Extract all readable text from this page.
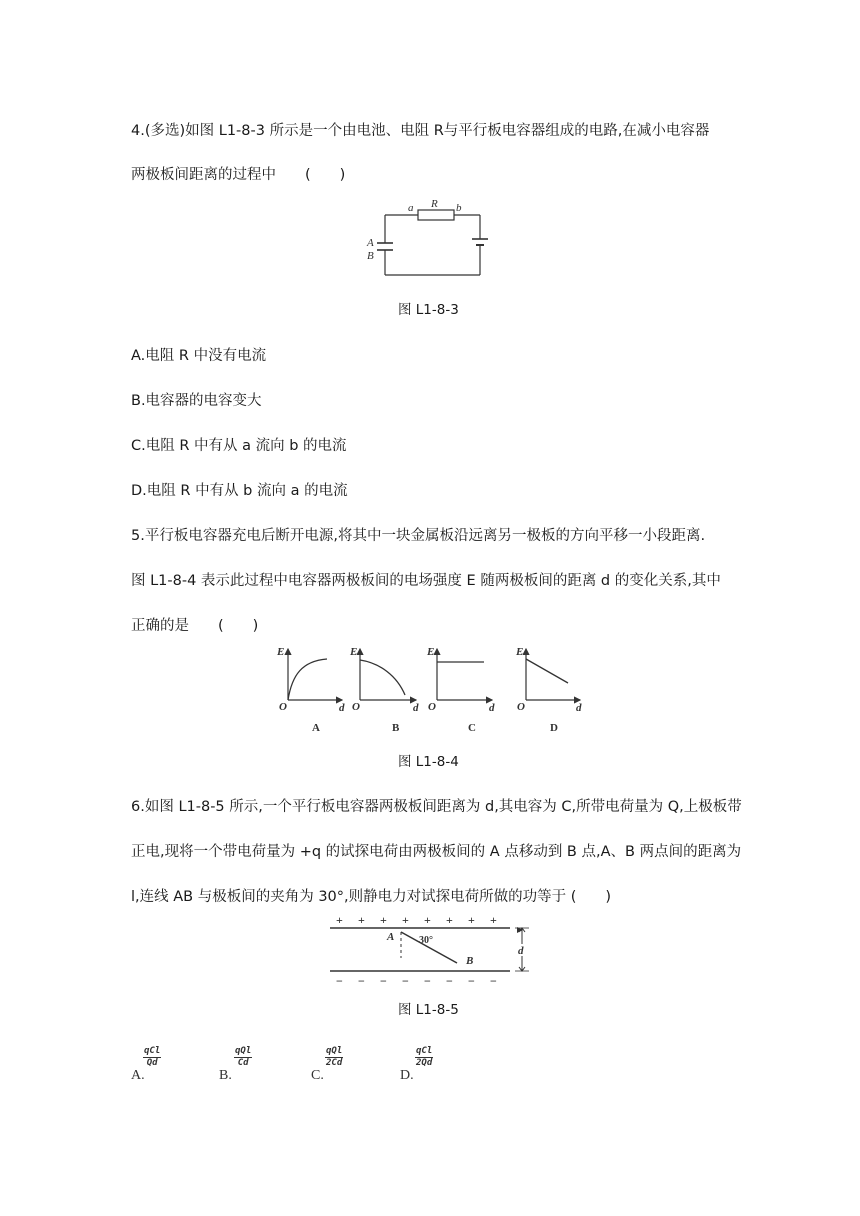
4.(多选)如图 L1-8-3 所示是一个由电池、电阻 R与平行板电容器组成的电路,在减小电容器
两极板间距离的过程中　　(　　)
a R b
A
B
图 L1-8-3
A.电阻 R 中没有电流
B.电容器的电容变大
C.电阻 R 中有从 a 流向 b 的电流
D.电阻 R 中有从 b 流向 a 的电流
5.平行板电容器充电后断开电源,将其中一块金属板沿远离另一极板的方向平移一小段距离.
图 L1-8-4 表示此过程中电容器两极板间的电场强度 E 随两极板间的距离 d 的变化关系,其中
正确的是　　(　　)
E
d
O
E
d
O
E
d
O
E
d
O
A	B	C	D
图 L1-8-4
6.如图 L1-8-5 所示,一个平行板电容器两极板间距离为 d,其电容为 C,所带电荷量为 Q,上极板带
正电,现将一个带电荷量为 +q 的试探电荷由两极板间的 A 点移动到 B 点,A、B 两点间的距离为
l,连线 AB 与极板间的夹角为 30°,则静电力对试探电荷所做的功等于 (　　)
+ + + + + + + +
− − − − − − − −
A
B
d
30°
图 L1-8-5
A.
qCl
Qd
B.
qQl
Cd
C.
qQl
2Cd
D.
qCl
2Qd
